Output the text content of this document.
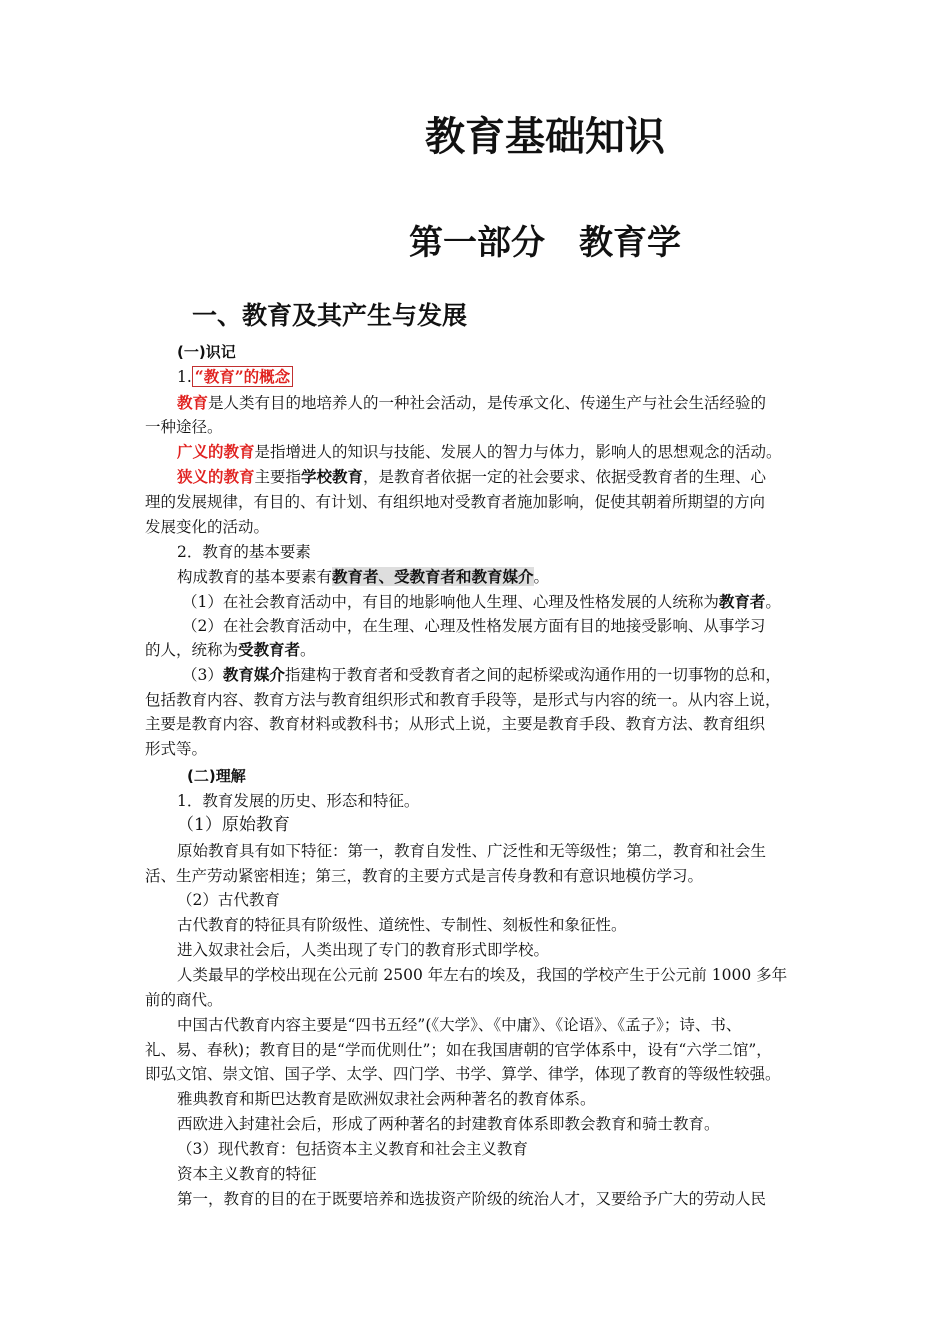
教育基础知识
第一部分　教育学
一、教育及其产生与发展
(一)识记
1. “教育”的概念
教育是人类有目的地培养人的一种社会活动，是传承文化、传递生产与社会生活经验的
一种途径。
广义的教育是指增进人的知识与技能、发展人的智力与体力，影响人的思想观念的活动。
狭义的教育主要指学校教育，是教育者依据一定的社会要求、依据受教育者的生理、心
理的发展规律，有目的、有计划、有组织地对受教育者施加影响，促使其朝着所期望的方向
发展变化的活动。
2．教育的基本要素
构成教育的基本要素有教育者、受教育者和教育媒介。
（1）在社会教育活动中，有目的地影响他人生理、心理及性格发展的人统称为教育者。
（2）在社会教育活动中，在生理、心理及性格发展方面有目的地接受影响、从事学习
的人，统称为受教育者。
（3）教育媒介指建构于教育者和受教育者之间的起桥梁或沟通作用的一切事物的总和，
包括教育内容、教育方法与教育组织形式和教育手段等，是形式与内容的统一。从内容上说，
主要是教育内容、教育材料或教科书；从形式上说，主要是教育手段、教育方法、教育组织
形式等。
(二)理解
1．教育发展的历史、形态和特征。
（1）原始教育
原始教育具有如下特征：第一，教育自发性、广泛性和无等级性；第二，教育和社会生
活、生产劳动紧密相连；第三，教育的主要方式是言传身教和有意识地模仿学习。
（2）古代教育
古代教育的特征具有阶级性、道统性、专制性、刻板性和象征性。
进入奴隶社会后，人类出现了专门的教育形式即学校。
人类最早的学校出现在公元前 2500 年左右的埃及，我国的学校产生于公元前 1000 多年
前的商代。
中国古代教育内容主要是“四书五经”(《大学》、《中庸》、《论语》、《孟子》；诗、书、
礼、易、春秋)；教育目的是“学而优则仕”；如在我国唐朝的官学体系中，设有“六学二馆”，
即弘文馆、崇文馆、国子学、太学、四门学、书学、算学、律学，体现了教育的等级性较强。
雅典教育和斯巴达教育是欧洲奴隶社会两种著名的教育体系。
西欧进入封建社会后，形成了两种著名的封建教育体系即教会教育和骑士教育。
（3）现代教育：包括资本主义教育和社会主义教育
资本主义教育的特征
第一，教育的目的在于既要培养和选拔资产阶级的统治人才，又要给予广大的劳动人民
